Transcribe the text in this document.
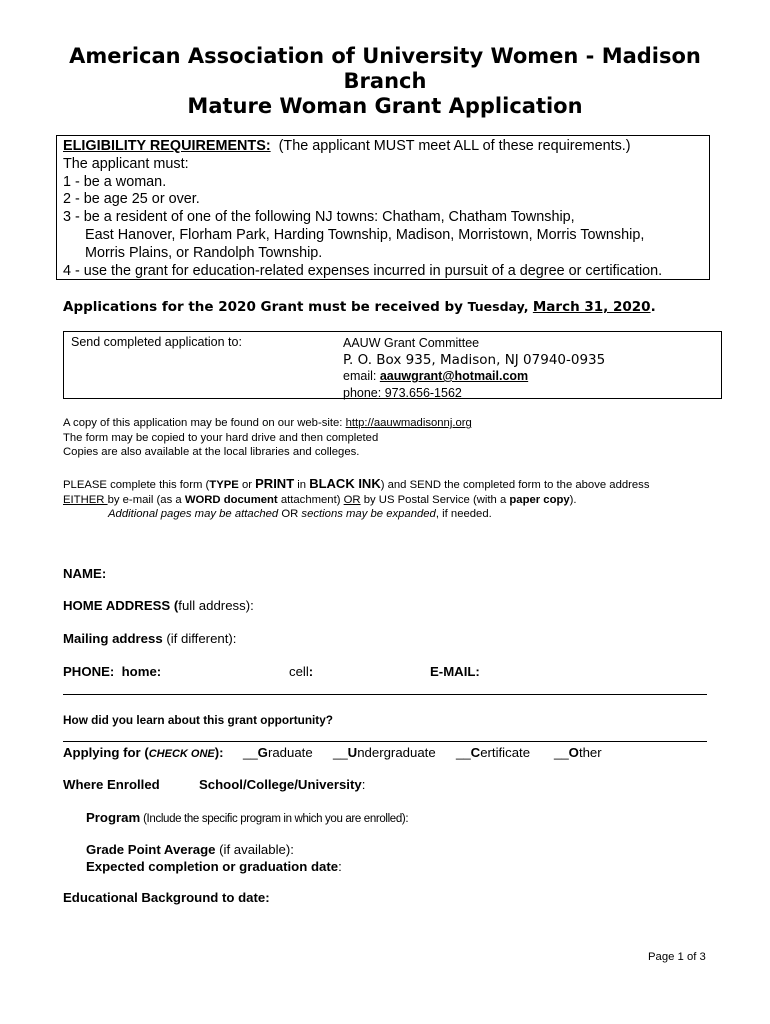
American Association of University Women - Madison
Branch
Mature Woman Grant Application
ELIGIBILITY REQUIREMENTS:  (The applicant MUST meet ALL of these requirements.)
The applicant must:
1 - be a woman.
2 - be age 25 or over.
3 - be a resident of one of the following NJ towns: Chatham, Chatham Township,
East Hanover, Florham Park, Harding Township, Madison, Morristown, Morris Township,
Morris Plains, or Randolph Township.
4 - use the grant for education-related expenses incurred in pursuit of a degree or certification.
Applications for the 2020 Grant must be received by Tuesday, March 31, 2020.
Send completed application to:	AAUW Grant Committee
P. O. Box 935, Madison, NJ 07940-0935
email: aauwgrant@hotmail.com
phone: 973.656-1562
A copy of this application may be found on our web-site: http://aauwmadisonnj.org
The form may be copied to your hard drive and then completed
Copies are also available at the local libraries and colleges.
PLEASE complete this form (TYPE or PRINT in BLACK INK) and SEND the completed form to the above address
EITHER by e-mail (as a WORD document attachment) OR by US Postal Service (with a paper copy).
Additional pages may be attached OR sections may be expanded, if needed.
NAME:
HOME ADDRESS (full address):
Mailing address (if different):
PHONE:  home:	cell:	E-MAIL:
How did you learn about this grant opportunity?
Applying for (CHECK ONE): __Graduate __Undergraduate __Certificate __Other
Where Enrolled	School/College/University:
Program (Include the specific program in which you are enrolled):
Grade Point Average (if available):
Expected completion or graduation date:
Educational Background to date:
Page 1 of 3
